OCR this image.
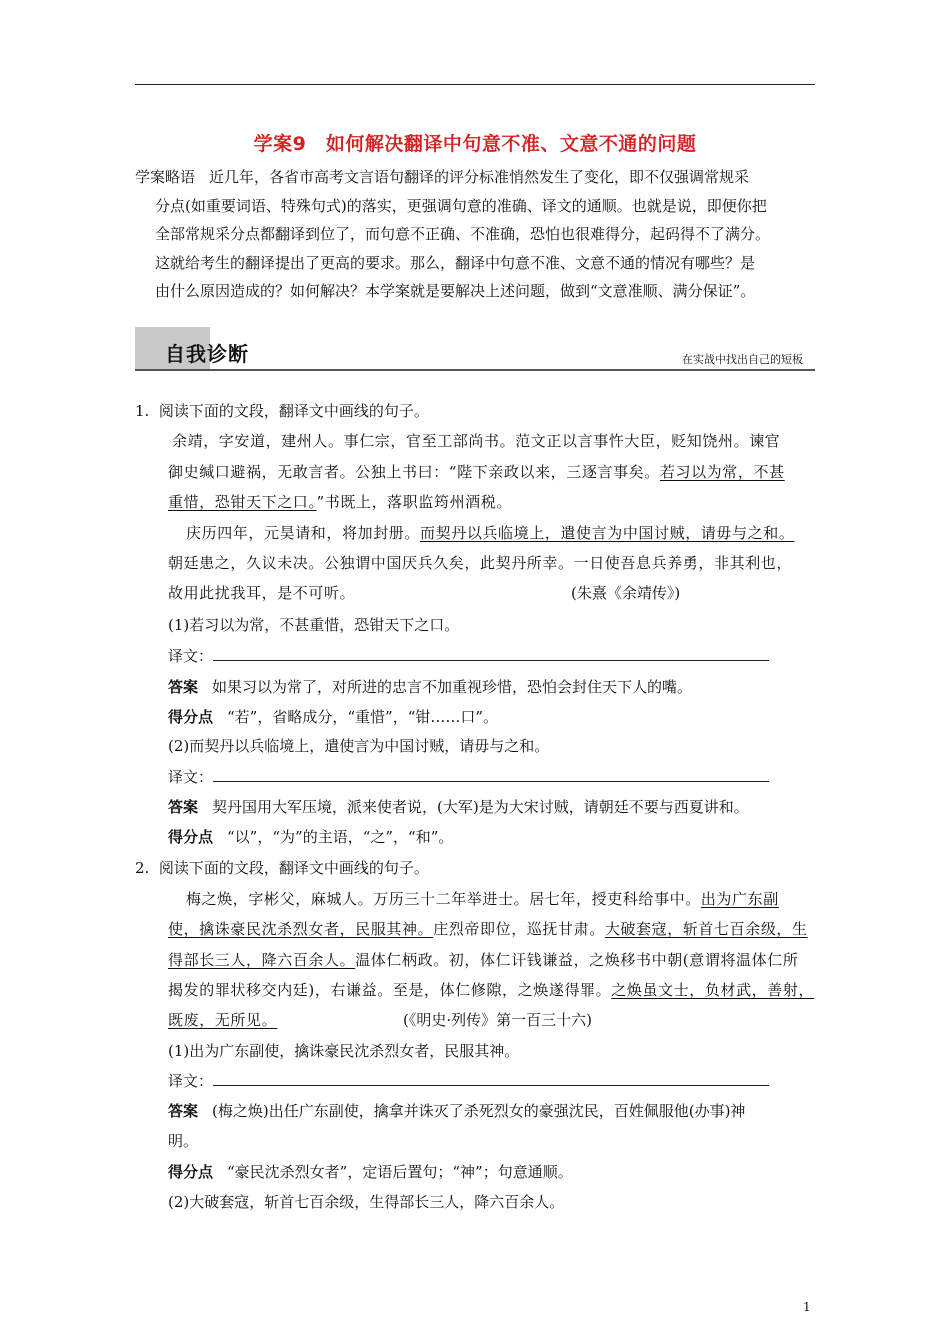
学案9　如何解决翻译中句意不准、文意不通的问题
学案略语 近几年，各省市高考文言语句翻译的评分标准悄然发生了变化，即不仅强调常规采
分点(如重要词语、特殊句式)的落实，更强调句意的准确、译文的通顺。也就是说，即便你把
全部常规采分点都翻译到位了，而句意不正确、不准确，恐怕也很难得分，起码得不了满分。
这就给考生的翻译提出了更高的要求。那么，翻译中句意不准、文意不通的情况有哪些？是
由什么原因造成的？如何解决？本学案就是要解决上述问题，做到“文意准顺、满分保证”。
自我诊断	在实战中找出自己的短板
1. 阅读下面的文段，翻译文中画线的句子。
余靖，字安道，建州人。事仁宗，官至工部尚书。范文正以言事忤大臣，贬知饶州。谏官
御史缄口避祸，无敢言者。公独上书曰：“陛下亲政以来，三逐言事矣。若习以为常，不甚
重惜，恐钳天下之口。”书既上，落职监筠州酒税。
庆历四年，元昊请和，将加封册。而契丹以兵临境上，遣使言为中国讨贼，请毋与之和。
朝廷患之，久议未决。公独谓中国厌兵久矣，此契丹所幸。一日使吾息兵养勇，非其利也，
故用此扰我耳，是不可听。	(朱熹《余靖传》)
(1)若习以为常，不甚重惜，恐钳天下之口。
译文：
答案 如果习以为常了，对所进的忠言不加重视珍惜，恐怕会封住天下人的嘴。
得分点 “若”，省略成分，“重惜”，“钳……口”。
(2)而契丹以兵临境上，遣使言为中国讨贼，请毋与之和。
译文：
答案 契丹国用大军压境，派来使者说，(大军)是为大宋讨贼，请朝廷不要与西夏讲和。
得分点 “以”，“为”的主语，“之”，“和”。
2. 阅读下面的文段，翻译文中画线的句子。
梅之焕，字彬父，麻城人。万历三十二年举进士。居七年，授吏科给事中。出为广东副
使，擒诛豪民沈杀烈女者，民服其神。庄烈帝即位，巡抚甘肃。大破套寇，斩首七百余级，生
得部长三人，降六百余人。温体仁柄政。初，体仁讦钱谦益，之焕移书中朝(意谓将温体仁所
揭发的罪状移交内廷)，右谦益。至是，体仁修隙，之焕遂得罪。之焕虽文士，负材武，善射，
既废，无所见。	(《明史·列传》第一百三十六)
(1)出为广东副使，擒诛豪民沈杀烈女者，民服其神。
译文：
答案 (梅之焕)出任广东副使，擒拿并诛灭了杀死烈女的豪强沈民，百姓佩服他(办事)神
明。
得分点 “豪民沈杀烈女者”，定语后置句；“神”；句意通顺。
(2)大破套寇，斩首七百余级，生得部长三人，降六百余人。
1
